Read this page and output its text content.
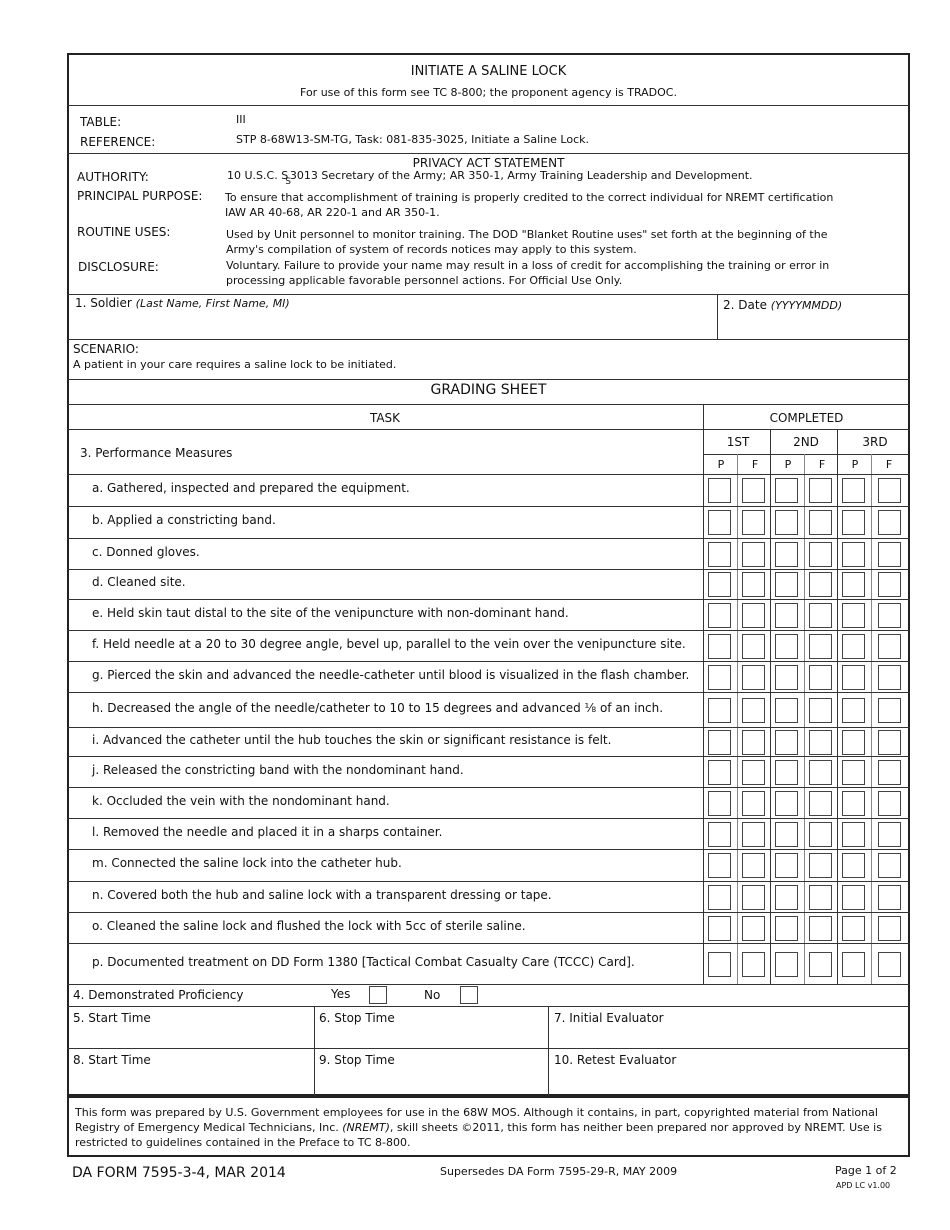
INITIATE A SALINE LOCK
For use of this form see TC 8-800; the proponent agency is TRADOC.
TABLE:	III
REFERENCE:	STP 8-68W13-SM-TG, Task: 081-835-3025, Initiate a Saline Lock.
PRIVACY ACT STATEMENT
AUTHORITY:	10 U.S.C. $S_S3013$ Secretary of the Army; AR 350-1, Army Training Leadership and Development.
PRINCIPAL PURPOSE: To ensure that accomplishment of training is properly credited to the correct individual for NREMT certification
IAW AR 40-68, AR 220-1 and AR 350-1.
ROUTINE USES:	Used by Unit personnel to monitor training. The DOD "Blanket Routine uses" set forth at the beginning of the
Army's compilation of system of records notices may apply to this system.
DISCLOSURE:	Voluntary. Failure to provide your name may result in a loss of credit for accomplishing the training or error in
processing applicable favorable personnel actions. For Official Use Only.
1. Soldier (Last Name, First Name, MI)	2. Date (YYYYMMDD)
SCENARIO:
A patient in your care requires a saline lock to be initiated.
GRADING SHEET
TASK	COMPLETED
3. Performance Measures
1ST	2ND	3RD
P	F	P	F	P	F
a. Gathered, inspected and prepared the equipment.
b. Applied a constricting band.
c. Donned gloves.
d. Cleaned site.
e. Held skin taut distal to the site of the venipuncture with non-dominant hand.
f. Held needle at a 20 to 30 degree angle, bevel up, parallel to the vein over the venipuncture site.
g. Pierced the skin and advanced the needle-catheter until blood is visualized in the flash chamber.
h. Decreased the angle of the needle/catheter to 10 to 15 degrees and advanced ⅛ of an inch.
i. Advanced the catheter until the hub touches the skin or significant resistance is felt.
j. Released the constricting band with the nondominant hand.
k. Occluded the vein with the nondominant hand.
l. Removed the needle and placed it in a sharps container.
m. Connected the saline lock into the catheter hub.
n. Covered both the hub and saline lock with a transparent dressing or tape.
o. Cleaned the saline lock and flushed the lock with 5cc of sterile saline.
p. Documented treatment on DD Form 1380 [Tactical Combat Casualty Care (TCCC) Card].
4. Demonstrated Proficiency	Yes	No
5. Start Time	6. Stop Time	7. Initial Evaluator
8. Start Time	9. Stop Time	10. Retest Evaluator
This form was prepared by U.S. Government employees for use in the 68W MOS. Although it contains, in part, copyrighted material from National
Registry of Emergency Medical Technicians, Inc. (NREMT), skill sheets ©2011, this form has neither been prepared nor approved by NREMT. Use is
restricted to guidelines contained in the Preface to TC 8-800.
DA FORM 7595-3-4, MAR 2014	Supersedes DA Form 7595-29-R, MAY 2009	Page 1 of 2
APD LC v1.00
